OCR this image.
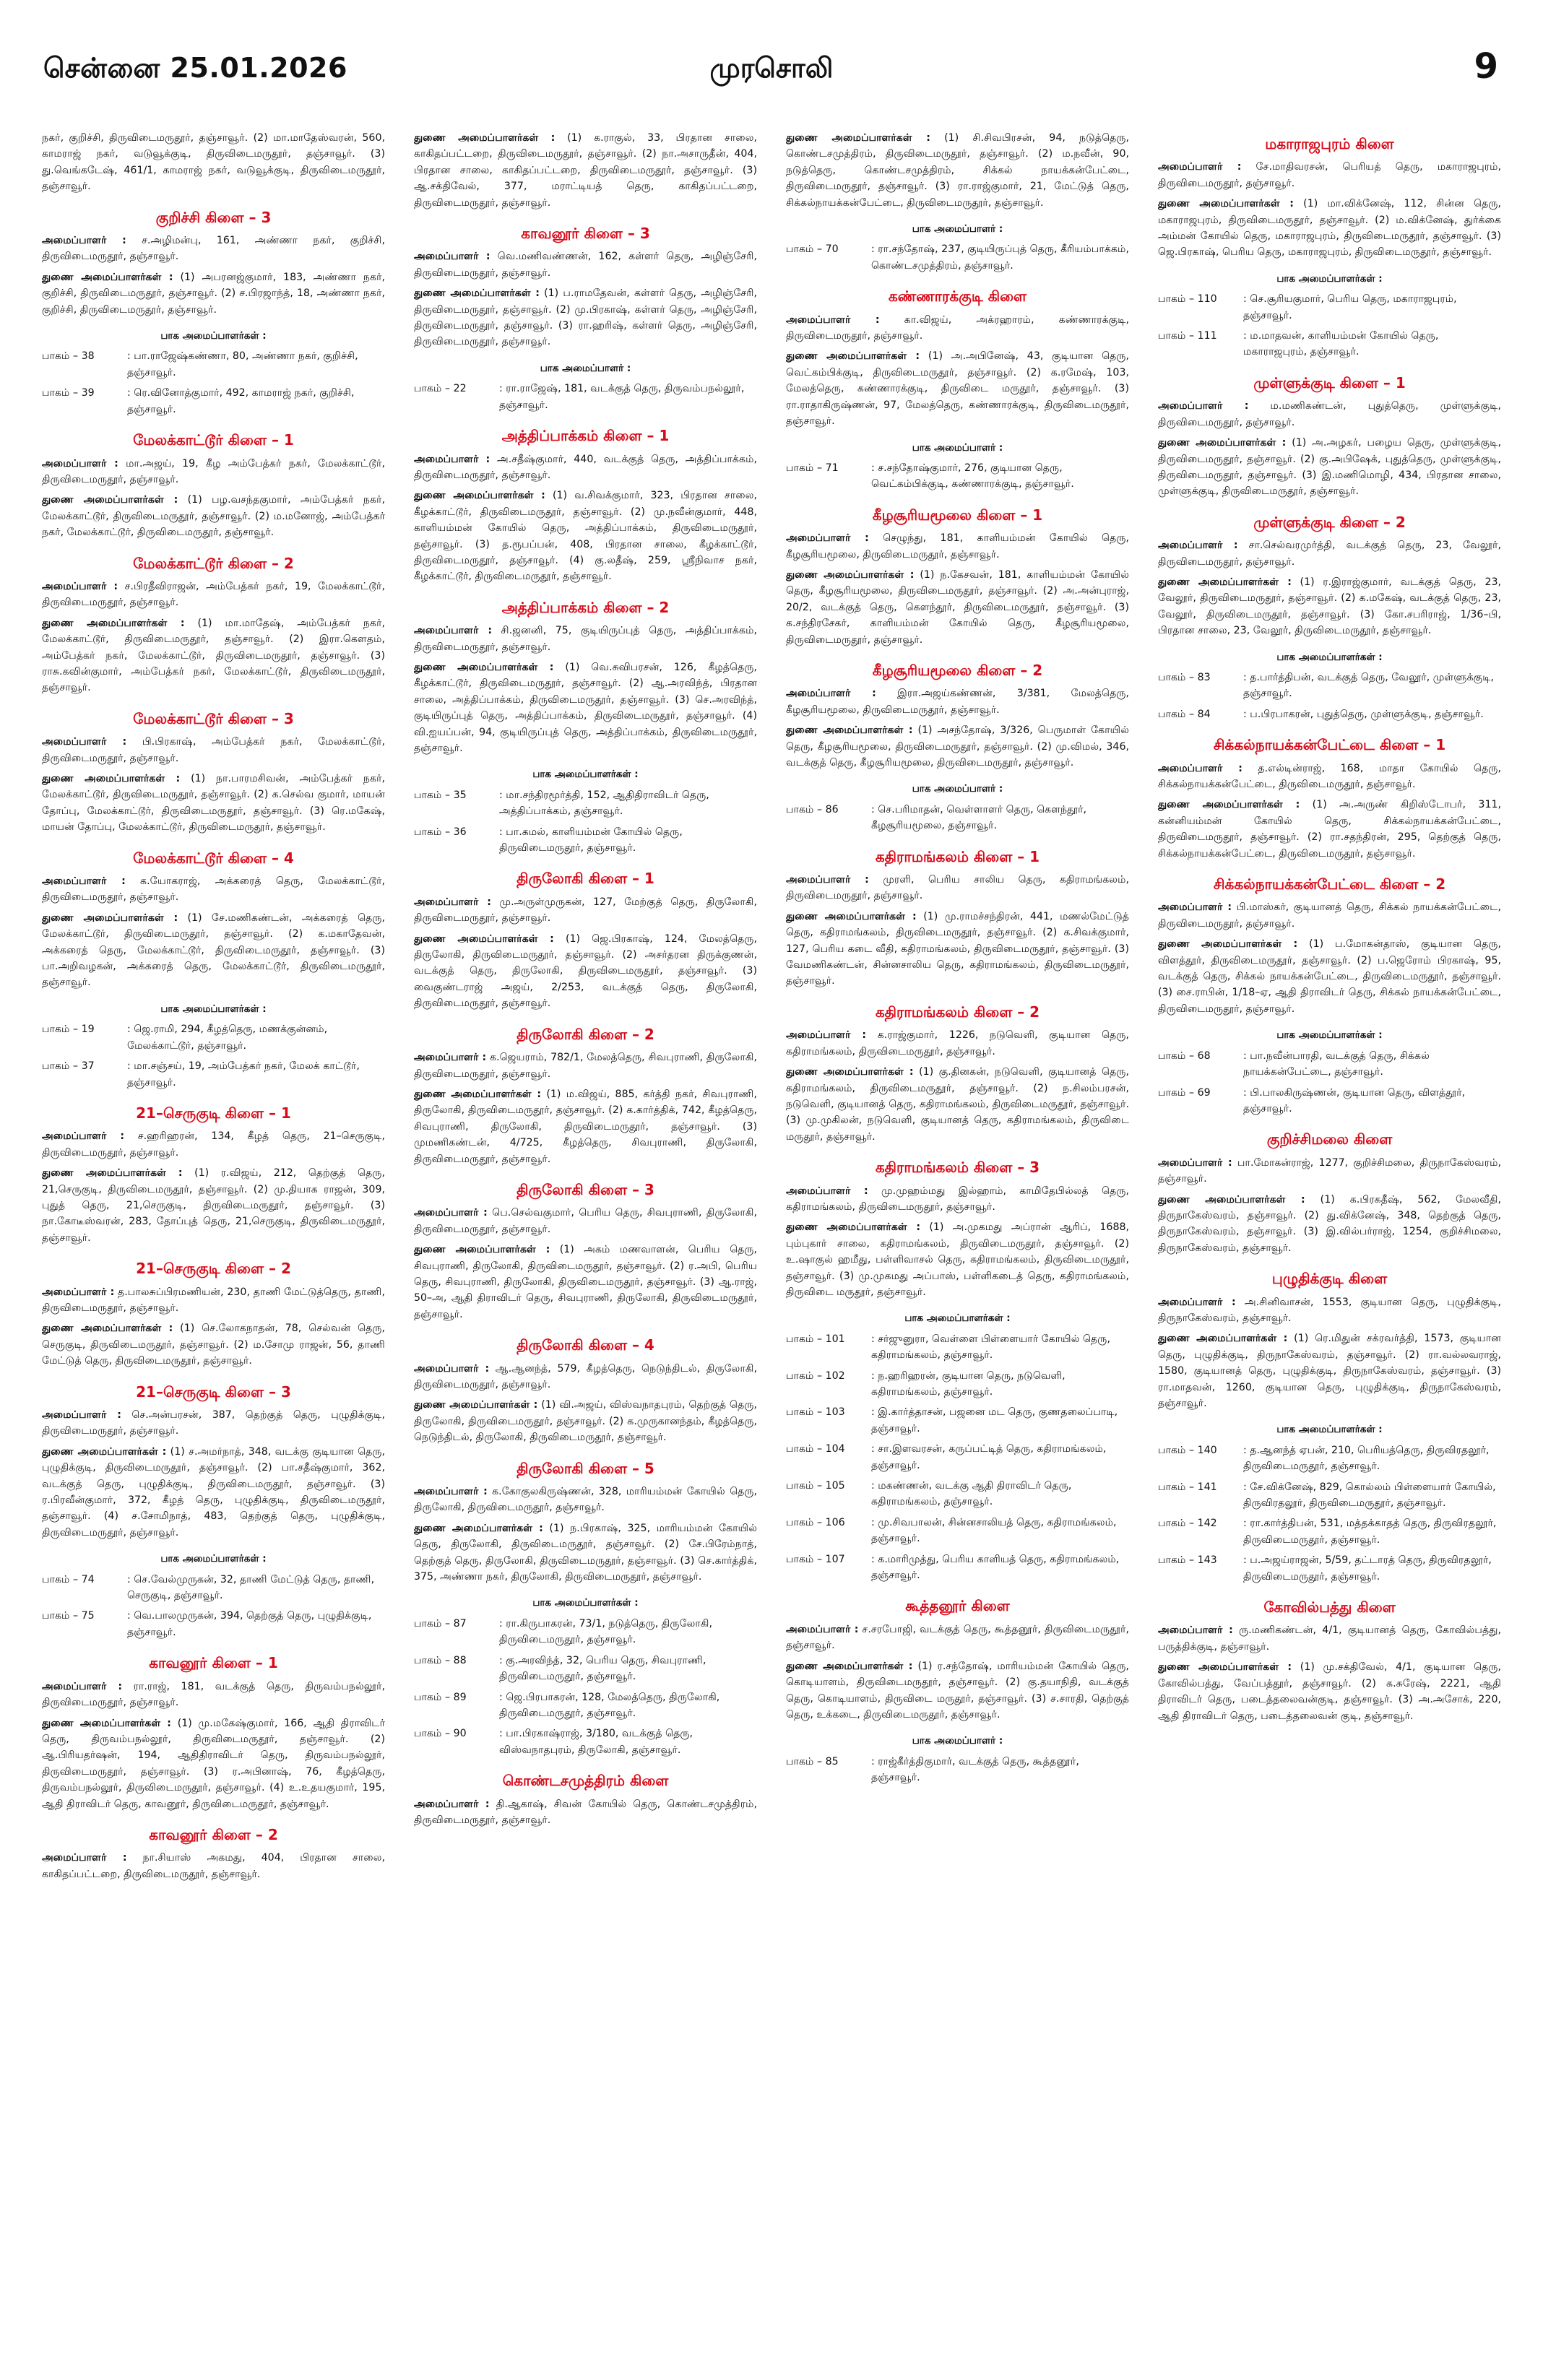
சென்னை 25.01.2026	முரசொலி	9
நகர், குறிச்சி, திருவிடைமருதூர், தஞ்சாவூர். (2) மா.மாதேஸ்வரன், 560, காமராஜ் நகர், வடுவூக்குடி, திருவிடைமருதூர், தஞ்சாவூர். (3) து.வெங்கடேஷ், 461/1, காமராஜ் நகர், வடுவூக்குடி, திருவிடைமருதூர், தஞ்சாவூர்.
குறிச்சி கிளை – 3
அமைப்பாளர் : ச.அழிமன்பு, 161, அண்ணா நகர், குறிச்சி, திருவிடைமருதூர், தஞ்சாவூர்.
துணை அமைப்பாளர்கள் : (1) அபரனஜ்குமார், 183, அண்ணா நகர், குறிச்சி, திருவிடைமருதூர், தஞ்சாவூர். (2) ச.பிரஜாந்த், 18, அண்ணா நகர், குறிச்சி, திருவிடைமருதூர், தஞ்சாவூர்.
பாக அமைப்பாளர்கள் :
பாகம் – 38	: பா.ராஜேஷ்கண்ணா, 80, அண்ணா நகர், குறிச்சி, தஞ்சாவூர்.
பாகம் – 39	: ரெ.வினோத்குமார், 492, காமராஜ் நகர், குறிச்சி, தஞ்சாவூர்.
மேலக்காட்டூர் கிளை – 1
அமைப்பாளர் : மா.அஜய், 19, கீழ அம்பேத்கர் நகர், மேலக்காட்டூர், திருவிடைமருதூர், தஞ்சாவூர்.
துணை அமைப்பாளர்கள் : (1) பழ.வசந்தகுமார், அம்பேத்கர் நகர், மேலக்காட்டூர், திருவிடைமருதூர், தஞ்சாவூர். (2) ம.மனோஜ், அம்பேத்கர் நகர், மேலக்காட்டூர், திருவிடைமருதூர், தஞ்சாவூர்.
மேலக்காட்டூர் கிளை – 2
அமைப்பாளர் : ச.பிரதீவிராஜன், அம்பேத்கர் நகர், 19, மேலக்காட்டூர், திருவிடைமருதூர், தஞ்சாவூர்.
துணை அமைப்பாளர்கள் : (1) மா.மாதேஷ், அம்பேத்கர் நகர், மேலக்காட்டூர், திருவிடைமருதூர், தஞ்சாவூர். (2) இரா.கௌதம், அம்பேத்கர் நகர், மேலக்காட்டூர், திருவிடைமருதூர், தஞ்சாவூர். (3) ராசு.கவின்குமார், அம்பேத்கர் நகர், மேலக்காட்டூர், திருவிடைமருதூர், தஞ்சாவூர்.
மேலக்காட்டூர் கிளை – 3
அமைப்பாளர் : பி.பிரகாஷ், அம்பேத்கர் நகர், மேலக்காட்டூர், திருவிடைமருதூர், தஞ்சாவூர்.
துணை அமைப்பாளர்கள் : (1) நா.பாரமசிவன், அம்பேத்கர் நகர், மேலக்காட்டூர், திருவிடைமருதூர், தஞ்சாவூர். (2) க.செல்வ குமார், மாயன் தோப்பு, மேலக்காட்டூர், திருவிடைமருதூர், தஞ்சாவூர். (3) ரெ.மகேஷ், மாயன் தோப்பு, மேலக்காட்டூர், திருவிடைமருதூர், தஞ்சாவூர்.
மேலக்காட்டூர் கிளை – 4
அமைப்பாளர் : க.யோகராஜ், அக்கரைத் தெரு, மேலக்காட்டூர், திருவிடைமருதூர், தஞ்சாவூர்.
துணை அமைப்பாளர்கள் : (1) சே.மணிகண்டன், அக்கரைத் தெரு, மேலக்காட்டூர், திருவிடைமருதூர், தஞ்சாவூர். (2) க.மகாதேவன், அக்கரைத் தெரு, மேலக்காட்டூர், திருவிடைமருதூர், தஞ்சாவூர். (3) பா.அறிவழகன், அக்கரைத் தெரு, மேலக்காட்டூர், திருவிடைமருதூர், தஞ்சாவூர்.
பாக அமைப்பாளர்கள் :
பாகம் – 19	: ஜெ.ராமி, 294, கீழத்தெரு, மணக்குன்னம், மேலக்காட்டூர், தஞ்சாவூர்.
பாகம் – 37	: மா.சஞ்சய், 19, அம்பேத்கர் நகர், மேலக் காட்டூர், தஞ்சாவூர்.
21–செருகுடி கிளை – 1
அமைப்பாளர் : ச.ஹரிஹரன், 134, கீழத் தெரு, 21–செருகுடி, திருவிடைமருதூர், தஞ்சாவூர்.
துணை அமைப்பாளர்கள் : (1) ர.விஜய், 212, தெற்குத் தெரு, 21,செருகுடி, திருவிடைமருதூர், தஞ்சாவூர். (2) மு.தியாக ராஜன், 309, புதுத் தெரு, 21,செருகுடி, திருவிடைமருதூர், தஞ்சாவூர். (3) நா.கோடீஸ்வரன், 283, தோப்புத் தெரு, 21,செருகுடி, திருவிடைமருதூர், தஞ்சாவூர்.
21–செருகுடி கிளை – 2
அமைப்பாளர் : த.பாலசுப்பிரமணியன், 230, தாணி மேட்டுத்தெரு, தாணி, திருவிடைமருதூர், தஞ்சாவூர்.
துணை அமைப்பாளர்கள் : (1) செ.லோகநாதன், 78, செல்வன் தெரு, செருகுடி, திருவிடைமருதூர், தஞ்சாவூர். (2) ம.சோமு ராஜன், 56, தாணி மேட்டுத் தெரு, திருவிடைமருதூர், தஞ்சாவூர்.
21–செருகுடி கிளை – 3
அமைப்பாளர் : செ.அன்பரசன், 387, தெற்குத் தெரு, புழுதிக்குடி, திருவிடைமருதூர், தஞ்சாவூர்.
துணை அமைப்பாளர்கள் : (1) ச.அமர்நாத், 348, வடக்கு குடியான தெரு, புழுதிக்குடி, திருவிடைமருதூர், தஞ்சாவூர். (2) பா.சதீஷ்குமார், 362, வடக்குத் தெரு, புழுதிக்குடி, திருவிடைமருதூர், தஞ்சாவூர். (3) ர.பிரவீன்குமார், 372, கீழத் தெரு, புழுதிக்குடி, திருவிடைமருதூர், தஞ்சாவூர். (4) ச.சோமிநாத், 483, தெற்குத் தெரு, புழுதிக்குடி, திருவிடைமருதூர், தஞ்சாவூர்.
பாக அமைப்பாளர்கள் :
பாகம் – 74	: செ.வேல்முருகன், 32, தாணி மேட்டுத் தெரு, தாணி, செருகுடி, தஞ்சாவூர்.
பாகம் – 75	: வெ.பாலமுருகன், 394, தெற்குத் தெரு, புழுதிக்குடி, தஞ்சாவூர்.
காவனூர் கிளை – 1
அமைப்பாளர் : ரா.ராஜ், 181, வடக்குத் தெரு, திருவம்பநல்லூர், திருவிடைமருதூர், தஞ்சாவூர்.
துணை அமைப்பாளர்கள் : (1) மு.மகேஷ்குமார், 166, ஆதி திராவிடர் தெரு, திருவம்பநல்லூர், திருவிடைமருதூர், தஞ்சாவூர். (2) ஆ.பிரியதர்ஷன், 194, ஆதிதிராவிடர் தெரு, திருவம்பநல்லூர், திருவிடைமருதூர், தஞ்சாவூர். (3) ர.அபினாஷ், 76, கீழத்தெரு, திருவம்பநல்லூர், திருவிடைமருதூர், தஞ்சாவூர். (4) உ.உதயகுமார், 195, ஆதி திராவிடர் தெரு, காவனூர், திருவிடைமருதூர், தஞ்சாவூர்.
காவனூர் கிளை – 2
அமைப்பாளர் : நா.சியாஸ் அகமது, 404, பிரதான சாலை, காகிதப்பட்டறை, திருவிடைமருதூர், தஞ்சாவூர்.
துணை அமைப்பாளர்கள் : (1) க.ராகுல், 33, பிரதான சாலை, காகிதப்பட்டறை, திருவிடைமருதூர், தஞ்சாவூர். (2) நா.அசாருதீன், 404, பிரதான சாலை, காகிதப்பட்டறை, திருவிடைமருதூர், தஞ்சாவூர். (3) ஆ.சக்திவேல், 377, மராட்டியத் தெரு, காகிதப்பட்டறை, திருவிடைமருதூர், தஞ்சாவூர்.
காவனூர் கிளை – 3
அமைப்பாளர் : வெ.மணிவண்ணன், 162, கள்ளர் தெரு, அழிஞ்சேரி, திருவிடைமருதூர், தஞ்சாவூர்.
துணை அமைப்பாளர்கள் : (1) ப.ராமதேவன், கள்ளர் தெரு, அழிஞ்சேரி, திருவிடைமருதூர், தஞ்சாவூர். (2) மு.பிரகாஷ், கள்ளர் தெரு, அழிஞ்சேரி, திருவிடைமருதூர், தஞ்சாவூர். (3) ரா.ஹரிஷ், கள்ளர் தெரு, அழிஞ்சேரி, திருவிடைமருதூர், தஞ்சாவூர்.
பாக அமைப்பாளர் :
பாகம் – 22	: ரா.ராஜேஷ், 181, வடக்குத் தெரு, திருவம்பநல்லூர், தஞ்சாவூர்.
அத்திப்பாக்கம் கிளை – 1
அமைப்பாளர் : அ.சதீஷ்குமார், 440, வடக்குத் தெரு, அத்திப்பாக்கம், திருவிடைமருதூர், தஞ்சாவூர்.
துணை அமைப்பாளர்கள் : (1) வ.சிவக்குமார், 323, பிரதான சாலை, கீழக்காட்டூர், திருவிடைமருதூர், தஞ்சாவூர். (2) மு.நவீன்குமார், 448, காளியம்மன் கோயில் தெரு, அத்திப்பாக்கம், திருவிடைமருதூர், தஞ்சாவூர். (3) த.ரூபப்பன், 408, பிரதான சாலை, கீழக்காட்டூர், திருவிடைமருதூர், தஞ்சாவூர். (4) கு.லதீஷ், 259, ஸ்ரீநிவாச நகர், கீழக்காட்டூர், திருவிடைமருதூர், தஞ்சாவூர்.
அத்திப்பாக்கம் கிளை – 2
அமைப்பாளர் : சி.ஜனனி, 75, குடியிருப்புத் தெரு, அத்திப்பாக்கம், திருவிடைமருதூர், தஞ்சாவூர்.
துணை அமைப்பாளர்கள் : (1) வெ.சுவிபரசன், 126, கீழத்தெரு, கீழக்காட்டூர், திருவிடைமருதூர், தஞ்சாவூர். (2) ஆ.அரவிந்த், பிரதான சாலை, அத்திப்பாக்கம், திருவிடைமருதூர், தஞ்சாவூர். (3) செ.அரவிந்த், குடியிருப்புத் தெரு, அத்திப்பாக்கம், திருவிடைமருதூர், தஞ்சாவூர். (4) வி.ஐயப்பன், 94, குடியிருப்புத் தெரு, அத்திப்பாக்கம், திருவிடைமருதூர், தஞ்சாவூர்.
பாக அமைப்பாளர்கள் :
பாகம் – 35	: மா.சந்திரமூர்த்தி, 152, ஆதிதிராவிடர் தெரு, அத்திப்பாக்கம், தஞ்சாவூர்.
பாகம் – 36	: பா.கமல், காளியம்மன் கோயில் தெரு, திருவிடைமருதூர், தஞ்சாவூர்.
திருலோகி கிளை – 1
அமைப்பாளர் : மு.அருள்முருகன், 127, மேற்குத் தெரு, திருலோகி, திருவிடைமருதூர், தஞ்சாவூர்.
துணை அமைப்பாளர்கள் : (1) ஜெ.பிரகாஷ், 124, மேலத்தெரு, திருலோகி, திருவிடைமருதூர், தஞ்சாவூர். (2) அசர்தரன திருக்குணன், வடக்குத் தெரு, திருலோகி, திருவிடைமருதூர், தஞ்சாவூர். (3) வைகுண்டராஜ் அஜய், 2/253, வடக்குத் தெரு, திருலோகி, திருவிடைமருதூர், தஞ்சாவூர்.
திருலோகி கிளை – 2
அமைப்பாளர் : க.ஜெயராம், 782/1, மேலத்தெரு, சிவபுராணி, திருலோகி, திருவிடைமருதூர், தஞ்சாவூர்.
துணை அமைப்பாளர்கள் : (1) ம.விஜய், 885, கர்த்தி நகர், சிவபுராணி, திருலோகி, திருவிடைமருதூர், தஞ்சாவூர். (2) க.கார்த்திக், 742, கீழத்தெரு, சிவபுராணி, திருலோகி, திருவிடைமருதூர், தஞ்சாவூர். (3) முமணிகண்டன், 4/725, கீழத்தெரு, சிவபுராணி, திருலோகி, திருவிடைமருதூர், தஞ்சாவூர்.
திருலோகி கிளை – 3
அமைப்பாளர் : பெ.செல்வகுமார், பெரிய தெரு, சிவபுராணி, திருலோகி, திருவிடைமருதூர், தஞ்சாவூர்.
துணை அமைப்பாளர்கள் : (1) அகம் மணவாளன், பெரிய தெரு, சிவபுராணி, திருலோகி, திருவிடைமருதூர், தஞ்சாவூர். (2) ர.அபி, பெரிய தெரு, சிவபுராணி, திருலோகி, திருவிடைமருதூர், தஞ்சாவூர். (3) ஆ.ராஜ், 50–அ, ஆதி திராவிடர் தெரு, சிவபுராணி, திருலோகி, திருவிடைமருதூர், தஞ்சாவூர்.
திருலோகி கிளை – 4
அமைப்பாளர் : ஆ.ஆனந்த், 579, கீழத்தெரு, நெடுந்திடல், திருலோகி, திருவிடைமருதூர், தஞ்சாவூர்.
துணை அமைப்பாளர்கள் : (1) வி.அஜய், விஸ்வநாதபுரம், தெற்குத் தெரு, திருலோகி, திருவிடைமருதூர், தஞ்சாவூர். (2) க.முருகானந்தம், கீழத்தெரு, நெடுந்திடல், திருலோகி, திருவிடைமருதூர், தஞ்சாவூர்.
திருலோகி கிளை – 5
அமைப்பாளர் : க.கோகுலகிருஷ்ணன், 328, மாரியம்மன் கோயில் தெரு, திருலோகி, திருவிடைமருதூர், தஞ்சாவூர்.
துணை அமைப்பாளர்கள் : (1) ந.பிரகாஷ், 325, மாரியம்மன் கோயில் தெரு, திருலோகி, திருவிடைமருதூர், தஞ்சாவூர். (2) சே.பிரேம்நாத், தெற்குத் தெரு, திருலோகி, திருவிடைமருதூர், தஞ்சாவூர். (3) செ.கார்த்திக், 375, அண்ணா நகர், திருலோகி, திருவிடைமருதூர், தஞ்சாவூர்.
பாக அமைப்பாளர்கள் :
பாகம் – 87	: ரா.கிருபாகரன், 73/1, நடுத்தெரு, திருலோகி, திருவிடைமருதூர், தஞ்சாவூர்.
பாகம் – 88	: கு.அரவிந்த், 32, பெரிய தெரு, சிவபுராணி, திருவிடைமருதூர், தஞ்சாவூர்.
பாகம் – 89	: ஜெ.பிரபாகரன், 128, மேலத்தெரு, திருலோகி, திருவிடைமருதூர், தஞ்சாவூர்.
பாகம் – 90	: பா.பிரகாஷ்ராஜ், 3/180, வடக்குத் தெரு, விஸ்வநாதபுரம், திருலோகி, தஞ்சாவூர்.
கொண்டசமுத்திரம் கிளை
அமைப்பாளர் : தி.ஆகாஷ், சிவன் கோயில் தெரு, கொண்டசமுத்திரம், திருவிடைமருதூர், தஞ்சாவூர்.
துணை அமைப்பாளர்கள் : (1) சி.சிவபிரசன், 94, நடுத்தெரு, கொண்டசமுத்திரம், திருவிடைமருதூர், தஞ்சாவூர். (2) ம.நவீன், 90, நடுத்தெரு, கொண்டசமுத்திரம், சிக்கல் நாயக்கன்பேட்டை, திருவிடைமருதூர், தஞ்சாவூர். (3) ரா.ராஜ்குமார், 21, மேட்டுத் தெரு, சிக்கல்நாயக்கன்பேட்டை, திருவிடைமருதூர், தஞ்சாவூர்.
பாக அமைப்பாளர் :
பாகம் – 70	: ரா.சந்தோஷ், 237, குடியிருப்புத் தெரு, கீரியம்பாக்கம், கொண்டசமுத்திரம், தஞ்சாவூர்.
கண்ணாரக்குடி கிளை
அமைப்பாளர் : கா.விஜய், அக்ரஹாரம், கண்ணாரக்குடி, திருவிடைமருதூர், தஞ்சாவூர்.
துணை அமைப்பாளர்கள் : (1) அ.அபினேஷ், 43, குடியான தெரு, வெட்கம்பிக்குடி, திருவிடைமருதூர், தஞ்சாவூர். (2) க.ரமேஷ், 103, மேலத்தெரு, கண்ணாரக்குடி, திருவிடை மருதூர், தஞ்சாவூர். (3) ரா.ராதாகிருஷ்ணன், 97, மேலத்தெரு, கண்ணாரக்குடி, திருவிடைமருதூர், தஞ்சாவூர்.
பாக அமைப்பாளர் :
பாகம் – 71	: ச.சந்தோஷ்குமார், 276, குடியான தெரு, வெட்கம்பிக்குடி, கண்ணாரக்குடி, தஞ்சாவூர்.
கீழசூரியமூலை கிளை – 1
அமைப்பாளர் : செழுந்து, 181, காளியம்மன் கோயில் தெரு, கீழசூரியமூலை, திருவிடைமருதூர், தஞ்சாவூர்.
துணை அமைப்பாளர்கள் : (1) ந.கேசவன், 181, காளியம்மன் கோயில் தெரு, கீழசூரியமூலை, திருவிடைமருதூர், தஞ்சாவூர். (2) அ.அன்புராஜ், 20/2, வடக்குத் தெரு, கௌந்தூர், திருவிடைமருதூர், தஞ்சாவூர். (3) க.சந்திரசேகர், காளியம்மன் கோயில் தெரு, கீழசூரியமூலை, திருவிடைமருதூர், தஞ்சாவூர்.
கீழசூரியமூலை கிளை – 2
அமைப்பாளர் : இரா.அஜய்கண்ணன், 3/381, மேலத்தெரு, கீழசூரியமூலை, திருவிடைமருதூர், தஞ்சாவூர்.
துணை அமைப்பாளர்கள் : (1) அசந்தோஷ், 3/326, பெருமாள் கோயில் தெரு, கீழசூரியமூலை, திருவிடைமருதூர், தஞ்சாவூர். (2) மு.விமல், 346, வடக்குத் தெரு, கீழசூரியமூலை, திருவிடைமருதூர், தஞ்சாவூர்.
பாக அமைப்பாளர் :
பாகம் – 86	: செ.பரிமாதன், வெள்ளாளர் தெரு, கௌந்தூர், கீழசூரியமூலை, தஞ்சாவூர்.
கதிராமங்கலம் கிளை – 1
அமைப்பாளர் : முரளி, பெரிய சாலிய தெரு, கதிராமங்கலம், திருவிடைமருதூர், தஞ்சாவூர்.
துணை அமைப்பாளர்கள் : (1) மு.ராமச்சந்திரன், 441, மணல்மேட்டுத் தெரு, கதிராமங்கலம், திருவிடைமருதூர், தஞ்சாவூர். (2) க.சிவக்குமார், 127, பெரிய கடை வீதி, கதிராமங்கலம், திருவிடைமருதூர், தஞ்சாவூர். (3) வேமணிகண்டன், சின்னசாலிய தெரு, கதிராமங்கலம், திருவிடைமருதூர், தஞ்சாவூர்.
கதிராமங்கலம் கிளை – 2
அமைப்பாளர் : க.ராஜ்குமார், 1226, நடுவெளி, குடியான தெரு, கதிராமங்கலம், திருவிடைமருதூர், தஞ்சாவூர்.
துணை அமைப்பாளர்கள் : (1) கு.தினகன், நடுவெளி, குடியானத் தெரு, கதிராமங்கலம், திருவிடைமருதூர், தஞ்சாவூர். (2) ந.சிலம்பரசன், நடுவெளி, குடியானத் தெரு, கதிராமங்கலம், திருவிடைமருதூர், தஞ்சாவூர். (3) மு.முகிலன், நடுவெளி, குடியானத் தெரு, கதிராமங்கலம், திருவிடை மருதூர், தஞ்சாவூர்.
கதிராமங்கலம் கிளை – 3
அமைப்பாளர் : மு.முஹம்மது இல்ஹாம், காமிதேபில்லத் தெரு, கதிராமங்கலம், திருவிடைமருதூர், தஞ்சாவூர்.
துணை அமைப்பாளர்கள் : (1) அ.முகமது அப்ரான் ஆரிப், 1688, பும்புகார் சாலை, கதிராமங்கலம், திருவிடைமருதூர், தஞ்சாவூர். (2) உ.ஷாகுல் ஹமீது, பள்ளிவாசல் தெரு, கதிராமங்கலம், திருவிடைமருதூர், தஞ்சாவூர். (3) மு.முகமது அப்பாஸ், பள்ளிகடைத் தெரு, கதிராமங்கலம், திருவிடை மருதூர், தஞ்சாவூர்.
பாக அமைப்பாளர்கள் :
பாகம் – 101	: சர்ஜுனுரா, வெள்ளை பிள்ளையார் கோயில் தெரு, கதிராமங்கலம், தஞ்சாவூர்.
பாகம் – 102	: ந.ஹரிஹரன், குடியான தெரு, நடுவெளி, கதிராமங்கலம், தஞ்சாவூர்.
பாகம் – 103	: இ.கார்த்தாசன், பஜனை மட தெரு, குணதலைப்பாடி, தஞ்சாவூர்.
பாகம் – 104	: சா.இளவரசன், கருப்பட்டித் தெரு, கதிராமங்கலம், தஞ்சாவூர்.
பாகம் – 105	: மகண்ணன், வடக்கு ஆதி திராவிடர் தெரு, கதிராமங்கலம், தஞ்சாவூர்.
பாகம் – 106	: மு.சிவபாலன், சின்னசாலியத் தெரு, கதிராமங்கலம், தஞ்சாவூர்.
பாகம் – 107	: க.மாரிமுத்து, பெரிய காளியத் தெரு, கதிராமங்கலம், தஞ்சாவூர்.
கூத்தனூர் கிளை
அமைப்பாளர் : ச.சரபோஜி, வடக்குத் தெரு, கூத்தனூர், திருவிடைமருதூர், தஞ்சாவூர்.
துணை அமைப்பாளர்கள் : (1) ர.சந்தோஷ், மாரியம்மன் கோயில் தெரு, கொடியாளம், திருவிடைமருதூர், தஞ்சாவூர். (2) கு.தயாநிதி, வடக்குத் தெரு, கொடியாளம், திருவிடை மருதூர், தஞ்சாவூர். (3) ச.சாரதி, தெற்குத் தெரு, உக்கடை, திருவிடைமருதூர், தஞ்சாவூர்.
பாக அமைப்பாளர் :
பாகம் – 85	: ராஜ்கீர்த்திகுமார், வடக்குத் தெரு, கூத்தனூர், தஞ்சாவூர்.
மகாராஜபுரம் கிளை
அமைப்பாளர் : சே.மாதிவரசன், பெரியத் தெரு, மகாராஜபுரம், திருவிடைமருதூர், தஞ்சாவூர்.
துணை அமைப்பாளர்கள் : (1) மா.விக்னேஷ், 112, சின்ன தெரு, மகாராஜபுரம், திருவிடைமருதூர், தஞ்சாவூர். (2) ம.விக்னேஷ், துர்க்கை அம்மன் கோயில் தெரு, மகாராஜபுரம், திருவிடைமருதூர், தஞ்சாவூர். (3) ஜெ.பிரகாஷ், பெரிய தெரு, மகாராஜபுரம், திருவிடைமருதூர், தஞ்சாவூர்.
பாக அமைப்பாளர்கள் :
பாகம் – 110	: செ.சூரியகுமார், பெரிய தெரு, மகாராஜபுரம், தஞ்சாவூர்.
பாகம் – 111	: ம.மாதவன், காளியம்மன் கோயில் தெரு, மகாராஜபுரம், தஞ்சாவூர்.
முள்ளுக்குடி கிளை – 1
அமைப்பாளர் : ம.மணிகண்டன், புதுத்தெரு, முள்ளுக்குடி, திருவிடைமருதூர், தஞ்சாவூர்.
துணை அமைப்பாளர்கள் : (1) அ.அழகர், பழைய தெரு, முள்ளுக்குடி, திருவிடைமருதூர், தஞ்சாவூர். (2) கு.அபிஷேக், புதுத்தெரு, முள்ளுக்குடி, திருவிடைமருதூர், தஞ்சாவூர். (3) இ.மணிமொழி, 434, பிரதான சாலை, முள்ளுக்குடி, திருவிடைமருதூர், தஞ்சாவூர்.
முள்ளுக்குடி கிளை – 2
அமைப்பாளர் : சா.செல்வரமுர்த்தி, வடக்குத் தெரு, 23, வேலூர், திருவிடைமருதூர், தஞ்சாவூர்.
துணை அமைப்பாளர்கள் : (1) ர.இராஜ்குமார், வடக்குத் தெரு, 23, வேலூர், திருவிடைமருதூர், தஞ்சாவூர். (2) க.மகேஷ், வடக்குத் தெரு, 23, வேலூர், திருவிடைமருதூர், தஞ்சாவூர். (3) கோ.சபரிராஜ், 1/36–பி, பிரதான சாலை, 23, வேலூர், திருவிடைமருதூர், தஞ்சாவூர்.
பாக அமைப்பாளர்கள் :
பாகம் – 83	: த.பார்த்திபன், வடக்குத் தெரு, வேலூர், முள்ளுக்குடி, தஞ்சாவூர்.
பாகம் – 84	: ப.பிரபாகரன், புதுத்தெரு, முள்ளுக்குடி, தஞ்சாவூர்.
சிக்கல்நாயக்கன்பேட்டை கிளை – 1
அமைப்பாளர் : த.எல்டின்ராஜ், 168, மாதா கோயில் தெரு, சிக்கல்நாயக்கன்பேட்டை, திருவிடைமருதூர், தஞ்சாவூர்.
துணை அமைப்பாளர்கள் : (1) அ.அருண் கிறிஸ்டோபர், 311, கன்னியம்மன் கோயில் தெரு, சிக்கல்நாயக்கன்பேட்டை, திருவிடைமருதூர், தஞ்சாவூர். (2) ரா.சதந்திரன், 295, தெற்குத் தெரு, சிக்கல்நாயக்கன்பேட்டை, திருவிடைமருதூர், தஞ்சாவூர்.
சிக்கல்நாயக்கன்பேட்டை கிளை – 2
அமைப்பாளர் : பி.மாஸ்கர், குடியானத் தெரு, சிக்கல் நாயக்கன்பேட்டை, திருவிடைமருதூர், தஞ்சாவூர்.
துணை அமைப்பாளர்கள் : (1) ப.மோகன்தாஸ், குடியான தெரு, விளத்தூர், திருவிடைமருதூர், தஞ்சாவூர். (2) ப.ஜெரோம் பிரகாஷ், 95, வடக்குத் தெரு, சிக்கல் நாயக்கன்பேட்டை, திருவிடைமருதூர், தஞ்சாவூர். (3) சை.ராபின், 1/18–ஏ, ஆதி திராவிடர் தெரு, சிக்கல் நாயக்கன்பேட்டை, திருவிடைமருதூர், தஞ்சாவூர்.
பாக அமைப்பாளர்கள் :
பாகம் – 68	: பா.நவீன்பாரதி, வடக்குத் தெரு, சிக்கல் நாயக்கன்பேட்டை, தஞ்சாவூர்.
பாகம் – 69	: பி.பாலகிருஷ்ணன், குடியான தெரு, விளத்தூர், தஞ்சாவூர்.
குறிச்சிமலை கிளை
அமைப்பாளர் : பா.மோகன்ராஜ், 1277, குறிச்சிமலை, திருநாகேஸ்வரம், தஞ்சாவூர்.
துணை அமைப்பாளர்கள் : (1) க.பிரகதீஷ், 562, மேலவீதி, திருநாகேஸ்வரம், தஞ்சாவூர். (2) து.விக்னேஷ், 348, தெற்குத் தெரு, திருநாகேஸ்வரம், தஞ்சாவூர். (3) இ.வில்பர்ராஜ், 1254, குறிச்சிமலை, திருநாகேஸ்வரம், தஞ்சாவூர்.
புழுதிக்குடி கிளை
அமைப்பாளர் : அ.சினிவாசன், 1553, குடியான தெரு, புழுதிக்குடி, திருநாகேஸ்வரம், தஞ்சாவூர்.
துணை அமைப்பாளர்கள் : (1) ரெ.மிதுன் சக்ரவர்த்தி, 1573, குடியான தெரு, புழுதிக்குடி, திருநாகேஸ்வரம், தஞ்சாவூர். (2) ரா.வல்லவராஜ், 1580, குடியானத் தெரு, புழுதிக்குடி, திருநாகேஸ்வரம், தஞ்சாவூர். (3) ரா.மாதவன், 1260, குடியான தெரு, புழுதிக்குடி, திருநாகேஸ்வரம், தஞ்சாவூர்.
பாக அமைப்பாளர்கள் :
பாகம் – 140	: த.ஆனந்த் ஏபன், 210, பெரியத்தெரு, திருவிரதலூர், திருவிடைமருதூர், தஞ்சாவூர்.
பாகம் – 141	: சே.விக்னேஷ், 829, கொல்லம் பிள்ளையார் கோயில், திருவிரதலூர், திருவிடைமருதூர், தஞ்சாவூர்.
பாகம் – 142	: ரா.கார்த்திபன், 531, மத்தக்காதத் தெரு, திருவிரதலூர், திருவிடைமருதூர், தஞ்சாவூர்.
பாகம் – 143	: ப.அஜய்ராஜன், 5/59, தட்டாரத் தெரு, திருவிரதலூர், திருவிடைமருதூர், தஞ்சாவூர்.
கோவில்பத்து கிளை
அமைப்பாளர் : ரு.மணிகண்டன், 4/1, குடியானத் தெரு, கோவில்பத்து, பருத்திக்குடி, தஞ்சாவூர்.
துணை அமைப்பாளர்கள் : (1) மு.சக்திவேல், 4/1, குடியான தெரு, கோவில்பத்து, வேப்பத்தூர், தஞ்சாவூர். (2) க.சுரேஷ், 2221, ஆதி திராவிடர் தெரு, படைத்தலைவன்குடி, தஞ்சாவூர். (3) அ.அசோக், 220, ஆதி திராவிடர் தெரு, படைத்தலைவன் குடி, தஞ்சாவூர்.
